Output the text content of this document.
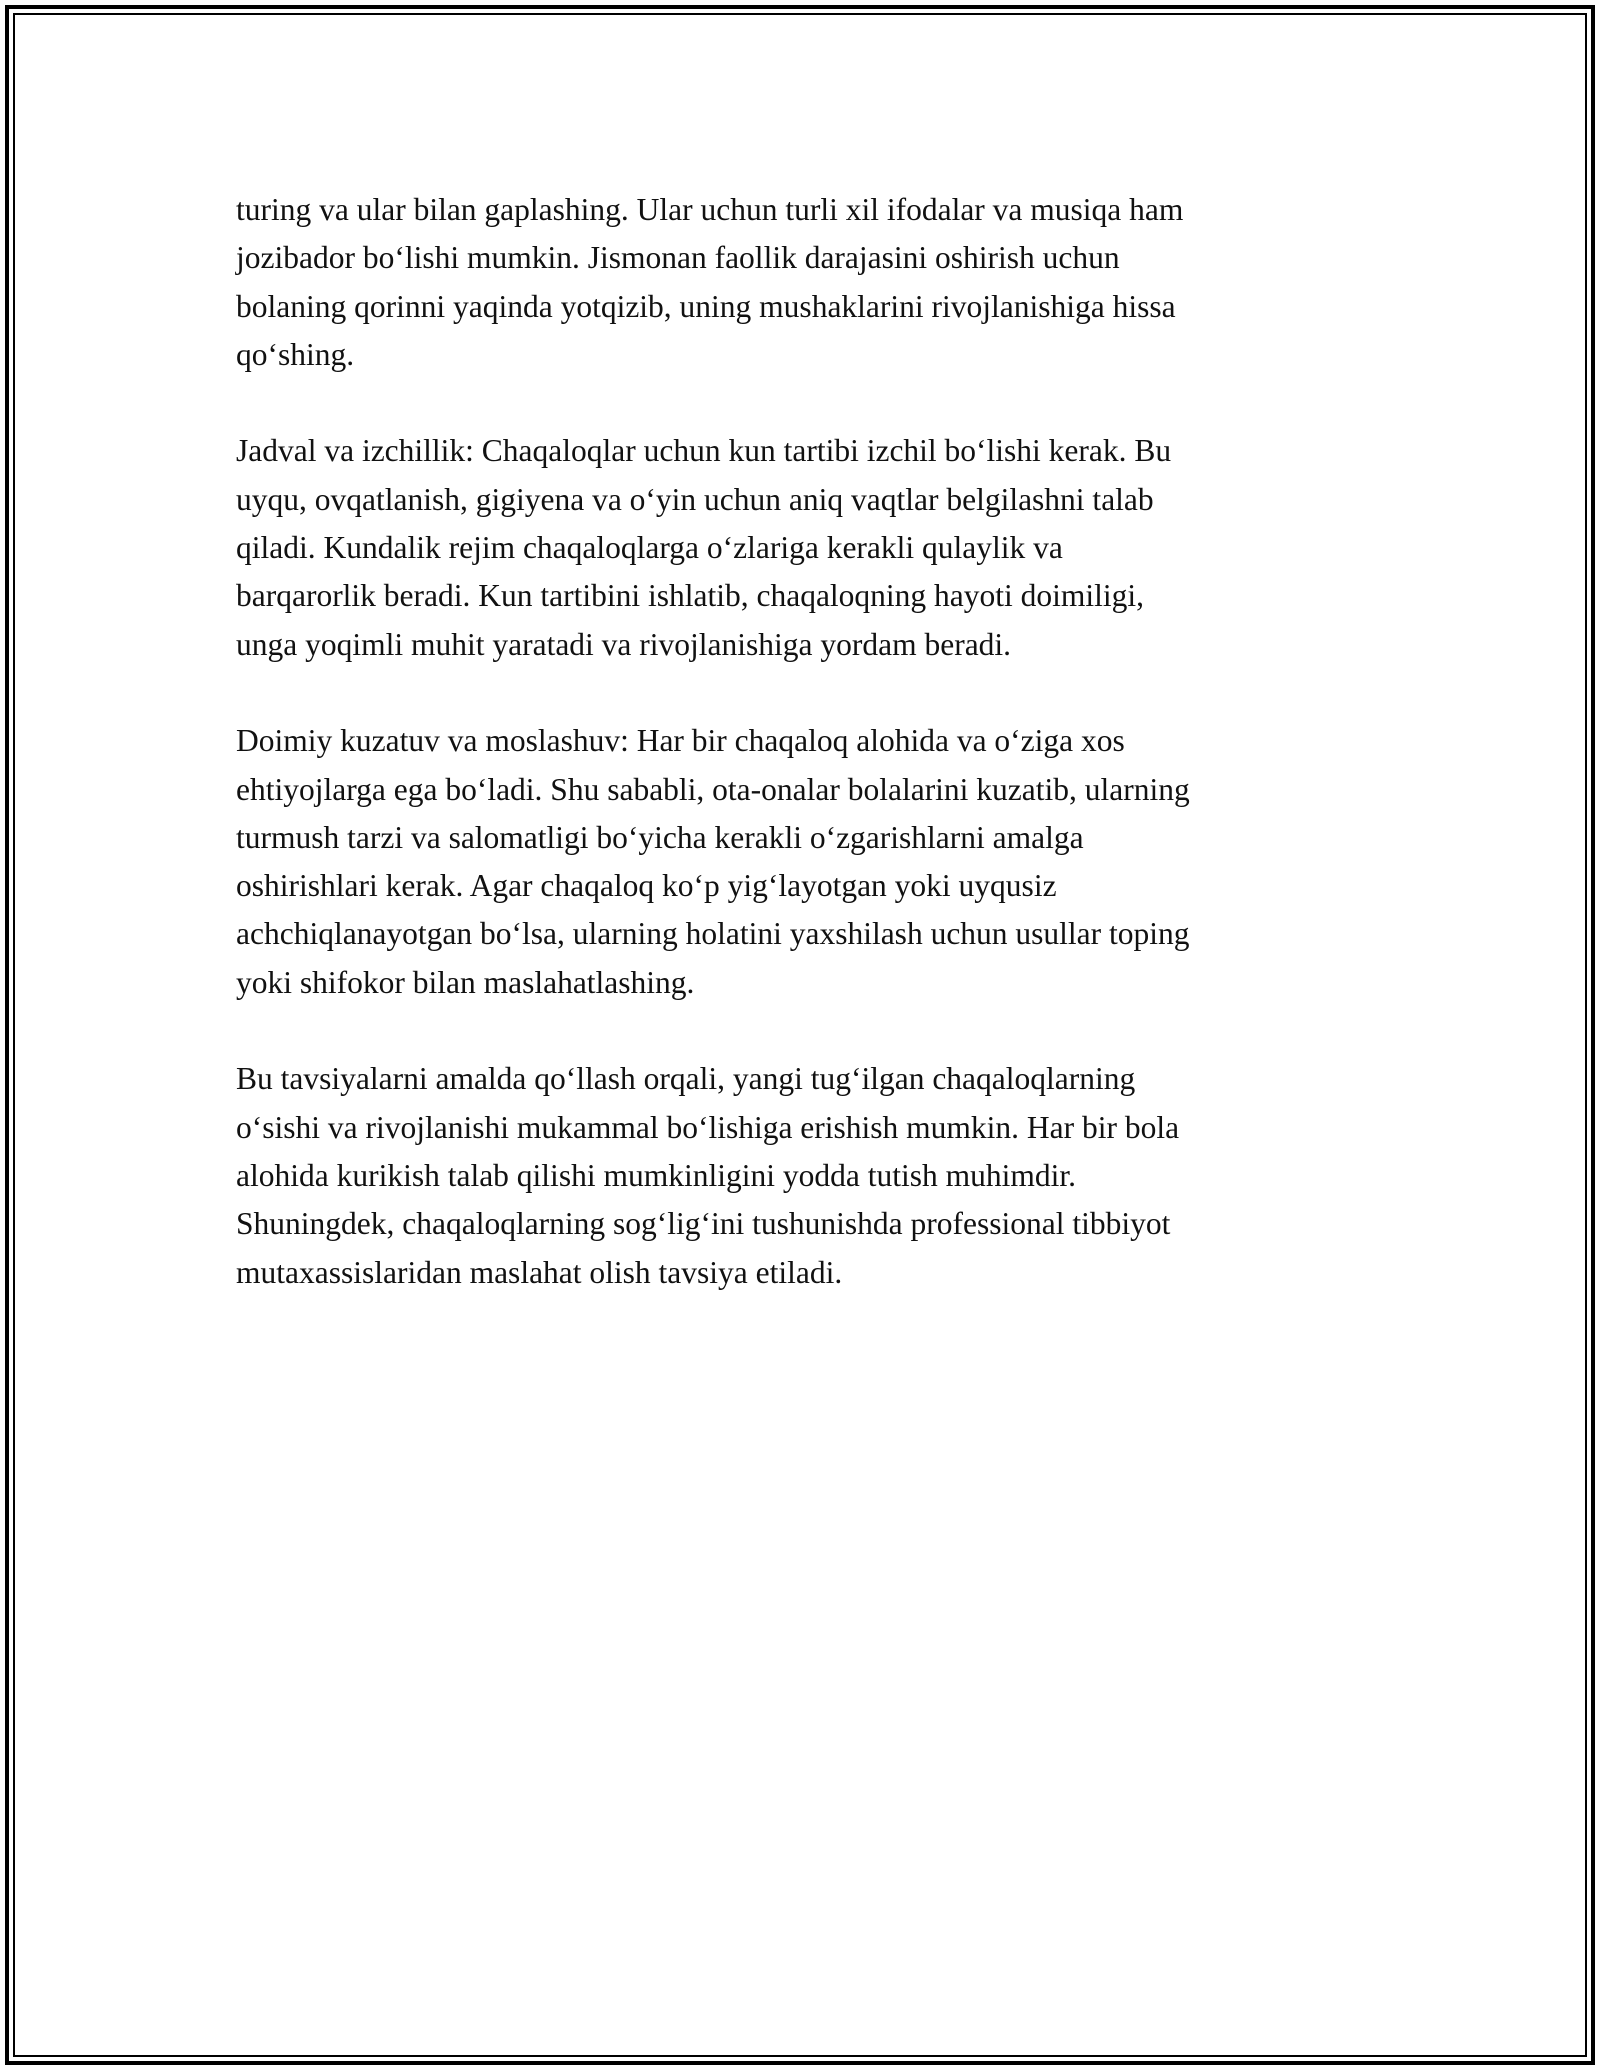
turing va ular bilan gaplashing. Ular uchun turli xil ifodalar va musiqa ham
jozibador bo‘lishi mumkin. Jismonan faollik darajasini oshirish uchun
bolaning qorinni yaqinda yotqizib, uning mushaklarini rivojlanishiga hissa
qo‘shing.
Jadval va izchillik: Chaqaloqlar uchun kun tartibi izchil bo‘lishi kerak. Bu
uyqu, ovqatlanish, gigiyena va o‘yin uchun aniq vaqtlar belgilashni talab
qiladi. Kundalik rejim chaqaloqlarga o‘zlariga kerakli qulaylik va
barqarorlik beradi. Kun tartibini ishlatib, chaqaloqning hayoti doimiligi,
unga yoqimli muhit yaratadi va rivojlanishiga yordam beradi.
Doimiy kuzatuv va moslashuv: Har bir chaqaloq alohida va o‘ziga xos
ehtiyojlarga ega bo‘ladi. Shu sababli, ota-onalar bolalarini kuzatib, ularning
turmush tarzi va salomatligi bo‘yicha kerakli o‘zgarishlarni amalga
oshirishlari kerak. Agar chaqaloq ko‘p yig‘layotgan yoki uyqusiz
achchiqlanayotgan bo‘lsa, ularning holatini yaxshilash uchun usullar toping
yoki shifokor bilan maslahatlashing.
Bu tavsiyalarni amalda qo‘llash orqali, yangi tug‘ilgan chaqaloqlarning
o‘sishi va rivojlanishi mukammal bo‘lishiga erishish mumkin. Har bir bola
alohida kurikish talab qilishi mumkinligini yodda tutish muhimdir.
Shuningdek, chaqaloqlarning sog‘lig‘ini tushunishda professional tibbiyot
mutaxassislaridan maslahat olish tavsiya etiladi.
